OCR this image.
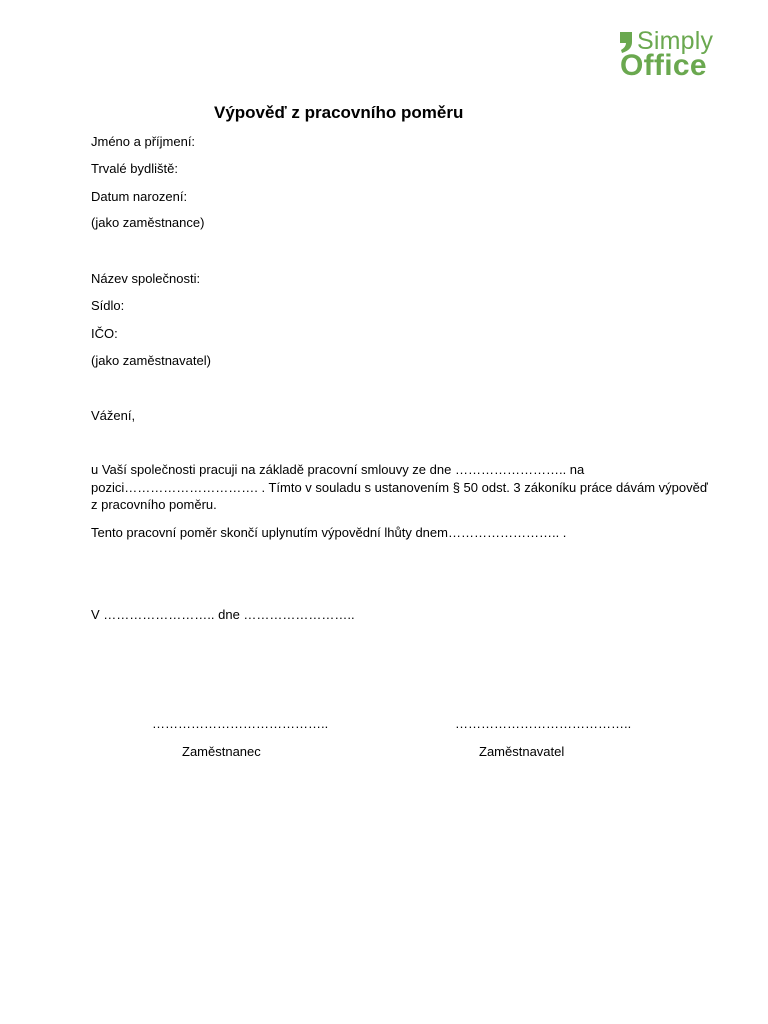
Simply
Office
Výpověď z pracovního poměru
Jméno a příjmení:
Trvalé bydliště:
Datum narození:
(jako zaměstnance)
Název společnosti:
Sídlo:
IČO:
(jako zaměstnavatel)
Vážení,
u Vaší společnosti pracuji na základě pracovní smlouvy ze dne …………………….. na
pozici…………………………. . Tímto v souladu s ustanovením § 50 odst. 3 zákoníku práce dávám výpověď
z pracovního poměru.
Tento pracovní poměr skončí uplynutím výpovědní lhůty dnem…………………….. .
V …………………….. dne ……………………..
…………………………………..
Zaměstnanec
…………………………………..
Zaměstnavatel
